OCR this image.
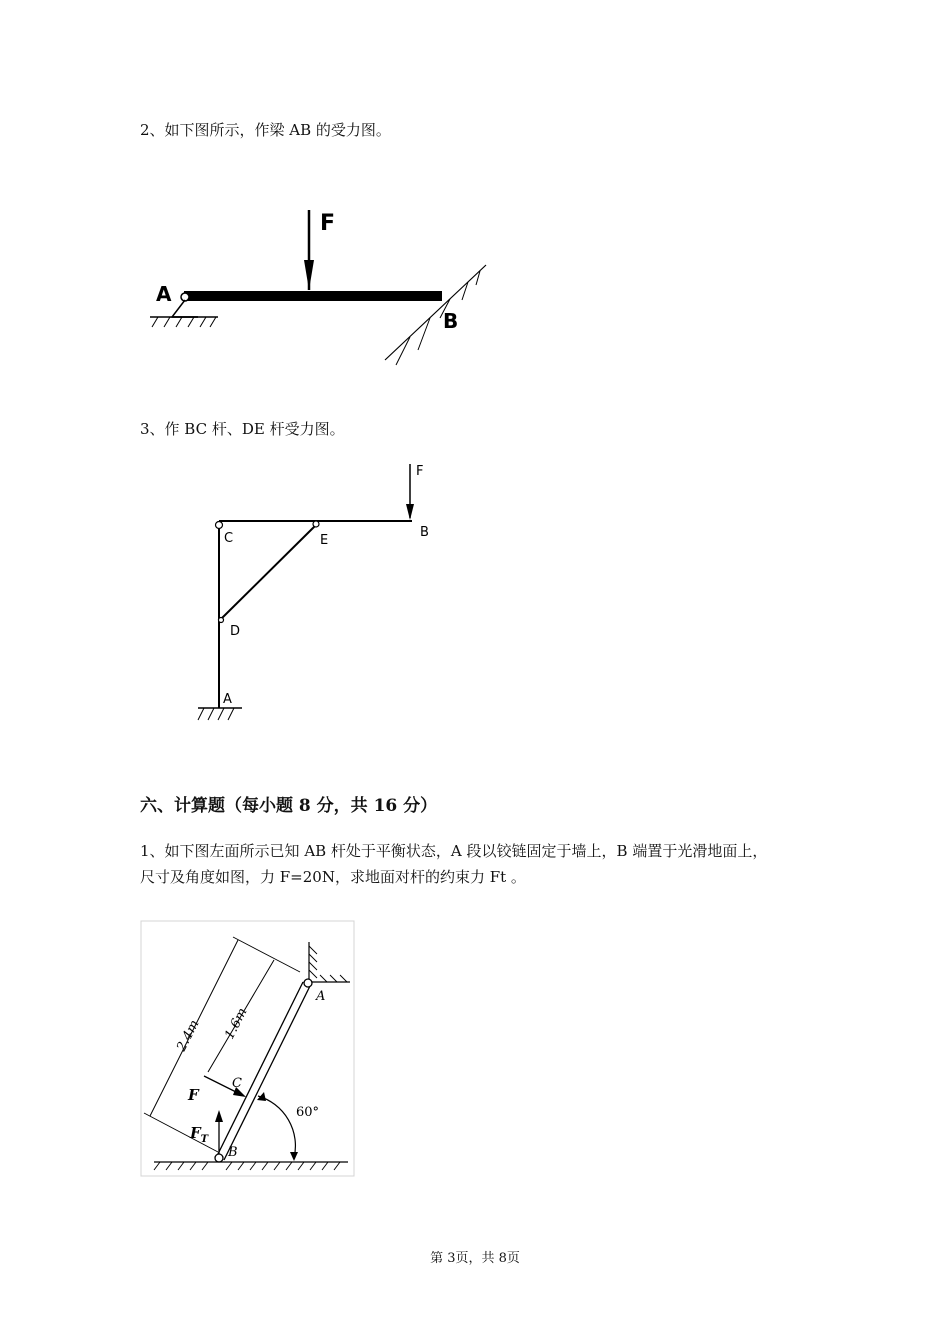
2、如下图所示，作梁 AB 的受力图。
F
A
B
3、作 BC 杆、DE 杆受力图。
F
A
B
C
D
E
六、计算题（每小题 8 分，共 16 分）
1、如下图左面所示已知 AB 杆处于平衡状态，A 段以铰链固定于墙上，B 端置于光滑地面上，
尺寸及角度如图，力 F=20N，求地面对杆的约束力 Ft 。
2.4m 1.6m
F
C
$F_T$
B
A
60°
第 3页，共 8页
